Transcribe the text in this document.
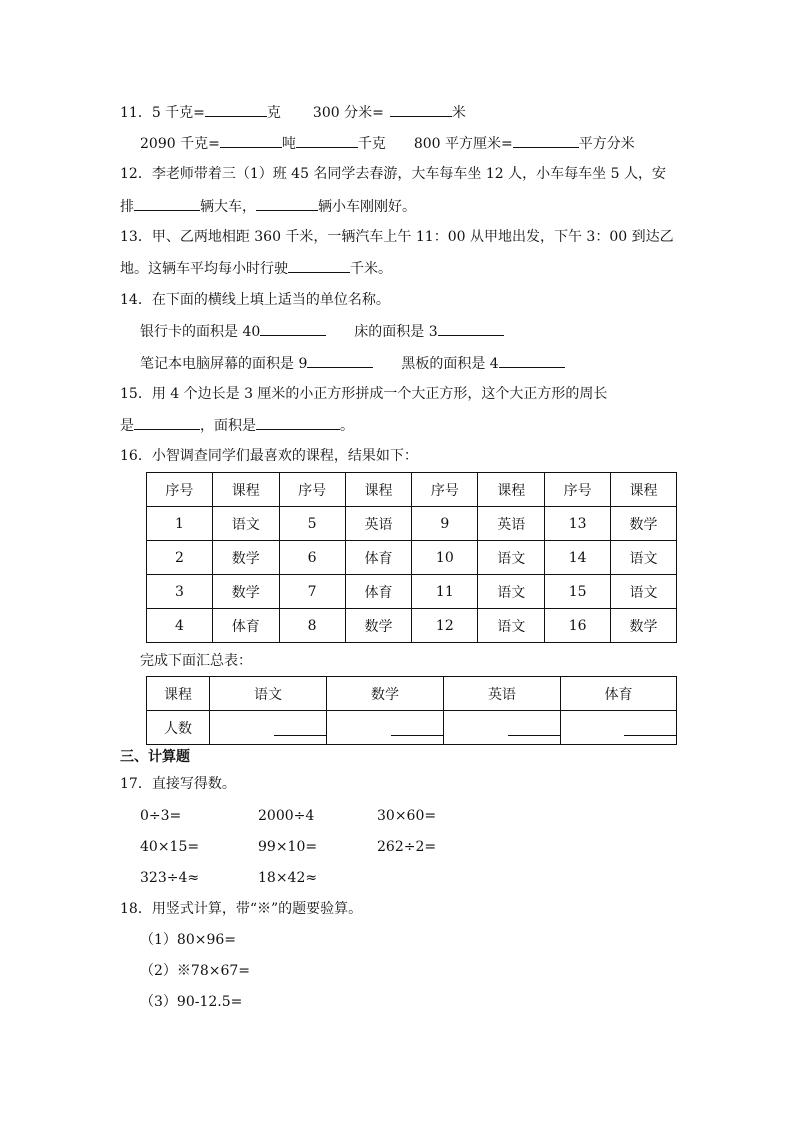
11．5 千克=	克 300 分米=	米
2090 千克=	吨	千克 800 平方厘米=	平方分米
12．李老师带着三（1）班 45 名同学去春游，大车每车坐 12 人，小车每车坐 5 人，安
排	辆大车，	辆小车刚刚好。
13．甲、乙两地相距 360 千米，一辆汽车上午 11：00 从甲地出发，下午 3：00 到达乙
地。这辆车平均每小时行驶	千米。
14．在下面的横线上填上适当的单位名称。
银行卡的面积是 40	床的面积是 3
笔记本电脑屏幕的面积是 9	黑板的面积是 4
15．用 4 个边长是 3 厘米的小正方形拼成一个大正方形，这个大正方形的周长
是	，面积是	。
16．小智调查同学们最喜欢的课程，结果如下：
序号	课程	序号	课程	序号	课程	序号	课程
1	语文	5	英语	9	英语	13	数学
2	数学	6	体育	10	语文	14	语文
3	数学	7	体育	11	语文	15	语文
4	体育	8	数学	12	语文	16	数学
完成下面汇总表：
课程	语文	数学	英语	体育
人数				
三、计算题
17．直接写得数。
0÷3=	2000÷4	30×60=
40×15=	99×10=	262÷2=
323÷4≈	18×42≈
18．用竖式计算，带“※”的题要验算。
（1）80×96=
（2）※78×67=
（3）90-12.5=
